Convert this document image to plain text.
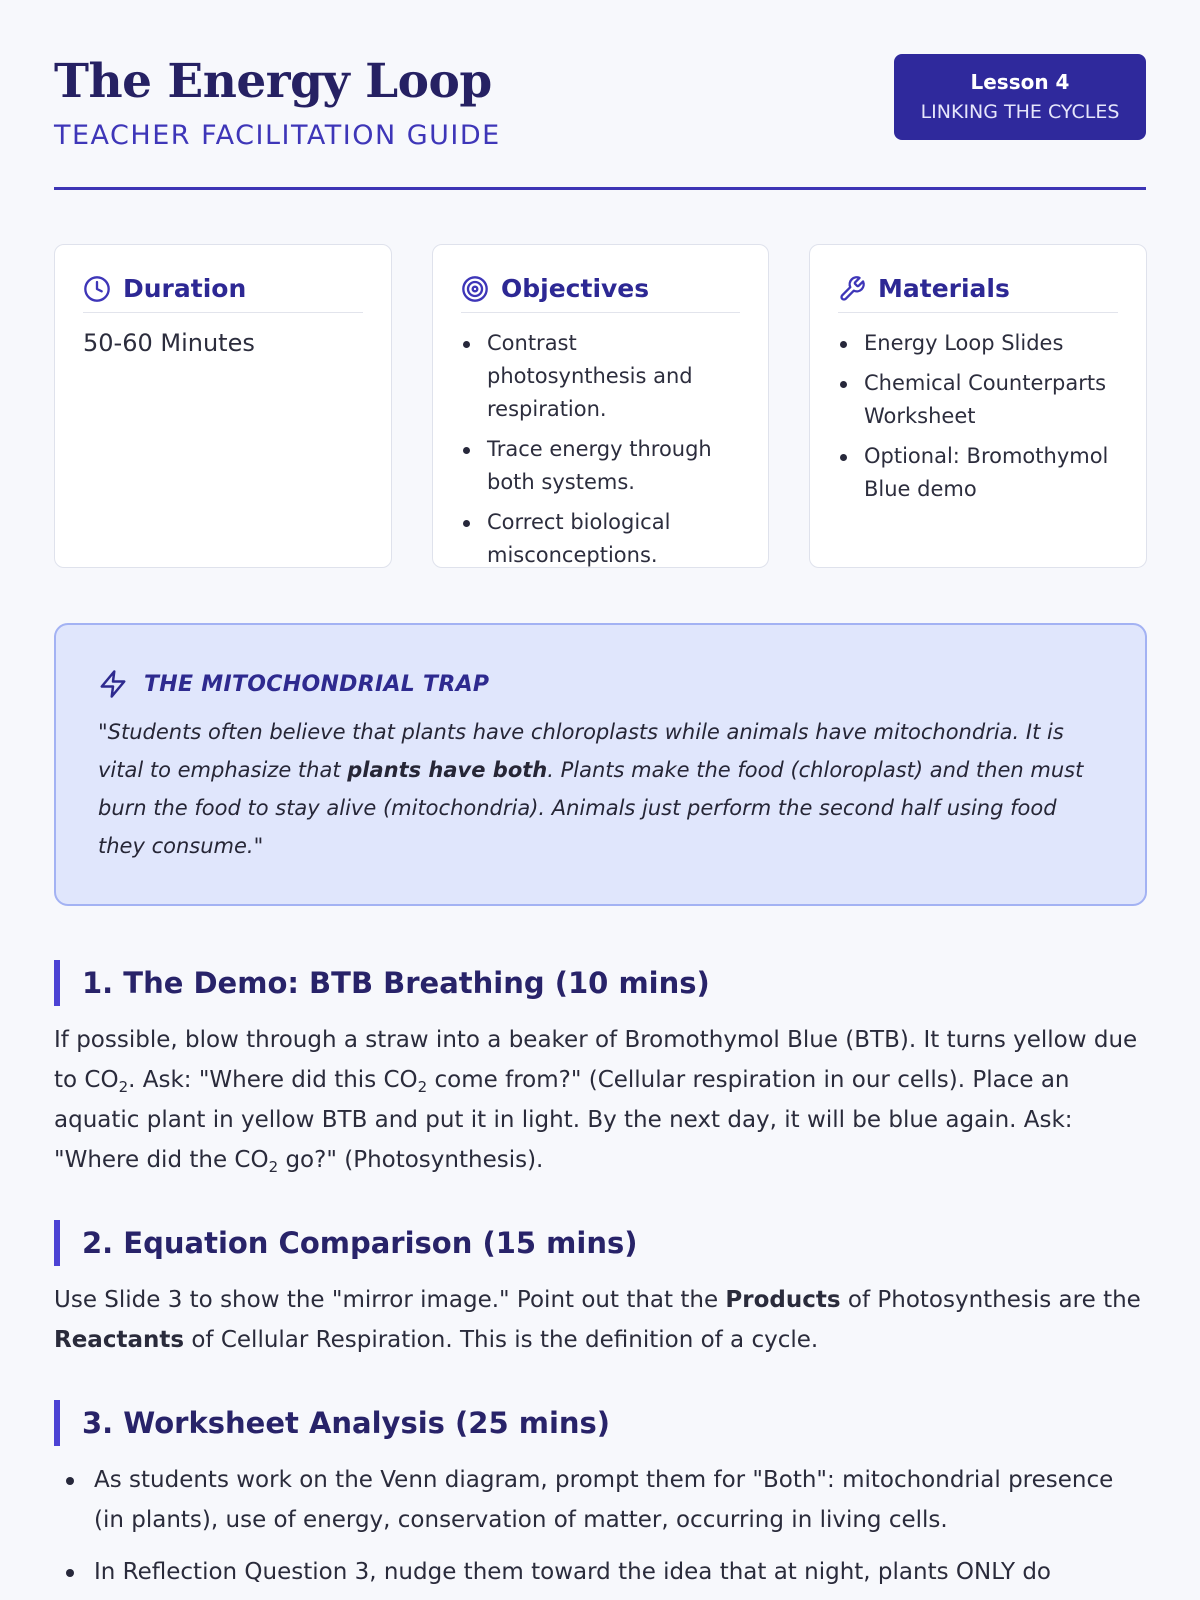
The Energy Loop
TEACHER FACILITATION GUIDE
Lesson 4
LINKING THE CYCLES
Duration
50-60 Minutes
Objectives
Contrast photosynthesis and respiration.
Trace energy through both systems.
Correct biological misconceptions.
Materials
Energy Loop Slides
Chemical Counterparts Worksheet
Optional: Bromothymol Blue demo
THE MITOCHONDRIAL TRAP

"Students often believe that plants have chloroplasts while animals have mitochondria. It is vital to emphasize that plants have both. Plants make the food (chloroplast) and then must burn the food to stay alive (mitochondria). Animals just perform the second half using food they consume."

1. The Demo: BTB Breathing (10 mins)

If possible, blow through a straw into a beaker of Bromothymol Blue (BTB). It turns yellow due to $CO_2$. Ask: "Where did this $CO_2$ come from?" (Cellular respiration in our cells). Place an aquatic plant in yellow BTB and put it in light. By the next day, it will be blue again. Ask: "Where did the $CO_2$ go?" (Photosynthesis).

2. Equation Comparison (15 mins)

Use Slide 3 to show the "mirror image." Point out that the Products of Photosynthesis are the Reactants of Cellular Respiration. This is the definition of a cycle.

3. Worksheet Analysis (25 mins)
As students work on the Venn diagram, prompt them for "Both": mitochondrial presence (in plants), use of energy, conservation of matter, occurring in living cells.
In Reflection Question 3, nudge them toward the idea that at night, plants ONLY do
